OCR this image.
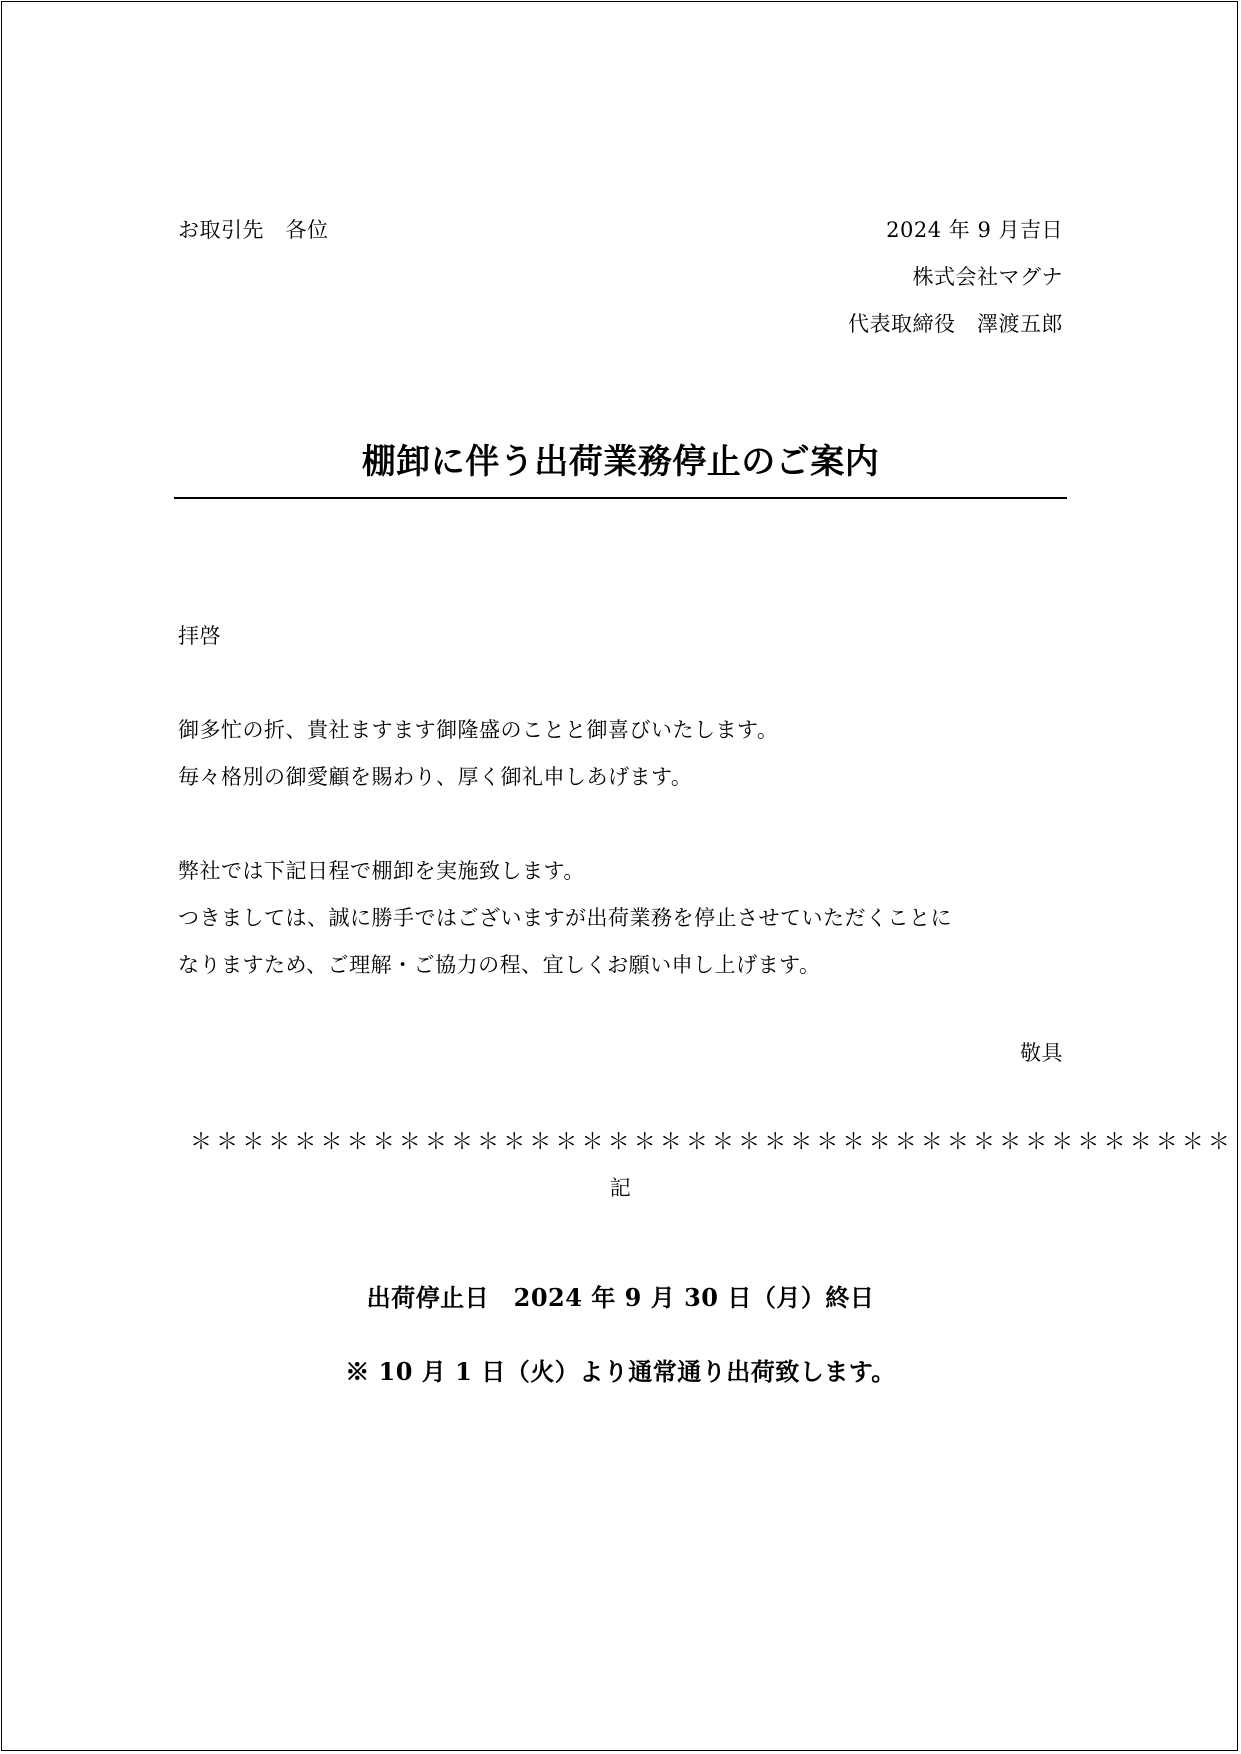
お取引先　各位	2024 年 9 月吉日
株式会社マグナ
代表取締役　澤渡五郎
棚卸に伴う出荷業務停止のご案内
拝啓
御多忙の折、貴社ますます御隆盛のことと御喜びいたします。
毎々格別の御愛顧を賜わり、厚く御礼申しあげます。
弊社では下記日程で棚卸を実施致します。
つきましては、誠に勝手ではございますが出荷業務を停止させていただくことに
なりますため、ご理解・ご協力の程、宜しくお願い申し上げます。
敬具
＊＊＊＊＊＊＊＊＊＊＊＊＊＊＊＊＊＊＊＊＊＊＊＊＊＊＊＊＊＊＊＊＊＊＊＊＊＊＊＊
記
出荷停止日　2024 年 9 月 30 日（月）終日
※ 10 月 1 日（火）より通常通り出荷致します。
